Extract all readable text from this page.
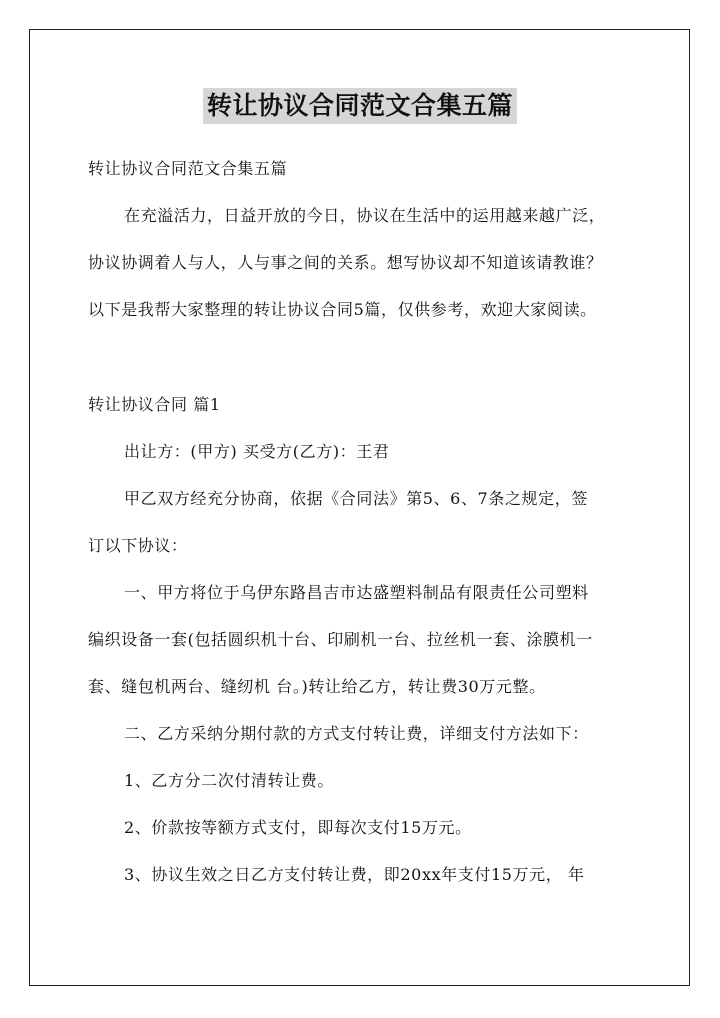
转让协议合同范文合集五篇
转让协议合同范文合集五篇
在充溢活力，日益开放的今日，协议在生活中的运用越来越广泛，
协议协调着人与人，人与事之间的关系。想写协议却不知道该请教谁？
以下是我帮大家整理的转让协议合同5篇，仅供参考，欢迎大家阅读。
转让协议合同 篇1
出让方：(甲方) 买受方(乙方)：王君
甲乙双方经充分协商，依据《合同法》第5、6、7条之规定，签
订以下协议：
一、甲方将位于乌伊东路昌吉市达盛塑料制品有限责任公司塑料
编织设备一套(包括圆织机十台、印刷机一台、拉丝机一套、涂膜机一
套、缝包机两台、缝纫机 台。)转让给乙方，转让费30万元整。
二、乙方采纳分期付款的方式支付转让费，详细支付方法如下：
1、乙方分二次付清转让费。
2、价款按等额方式支付，即每次支付15万元。
3、协议生效之日乙方支付转让费，即20xx年支付15万元， 年
